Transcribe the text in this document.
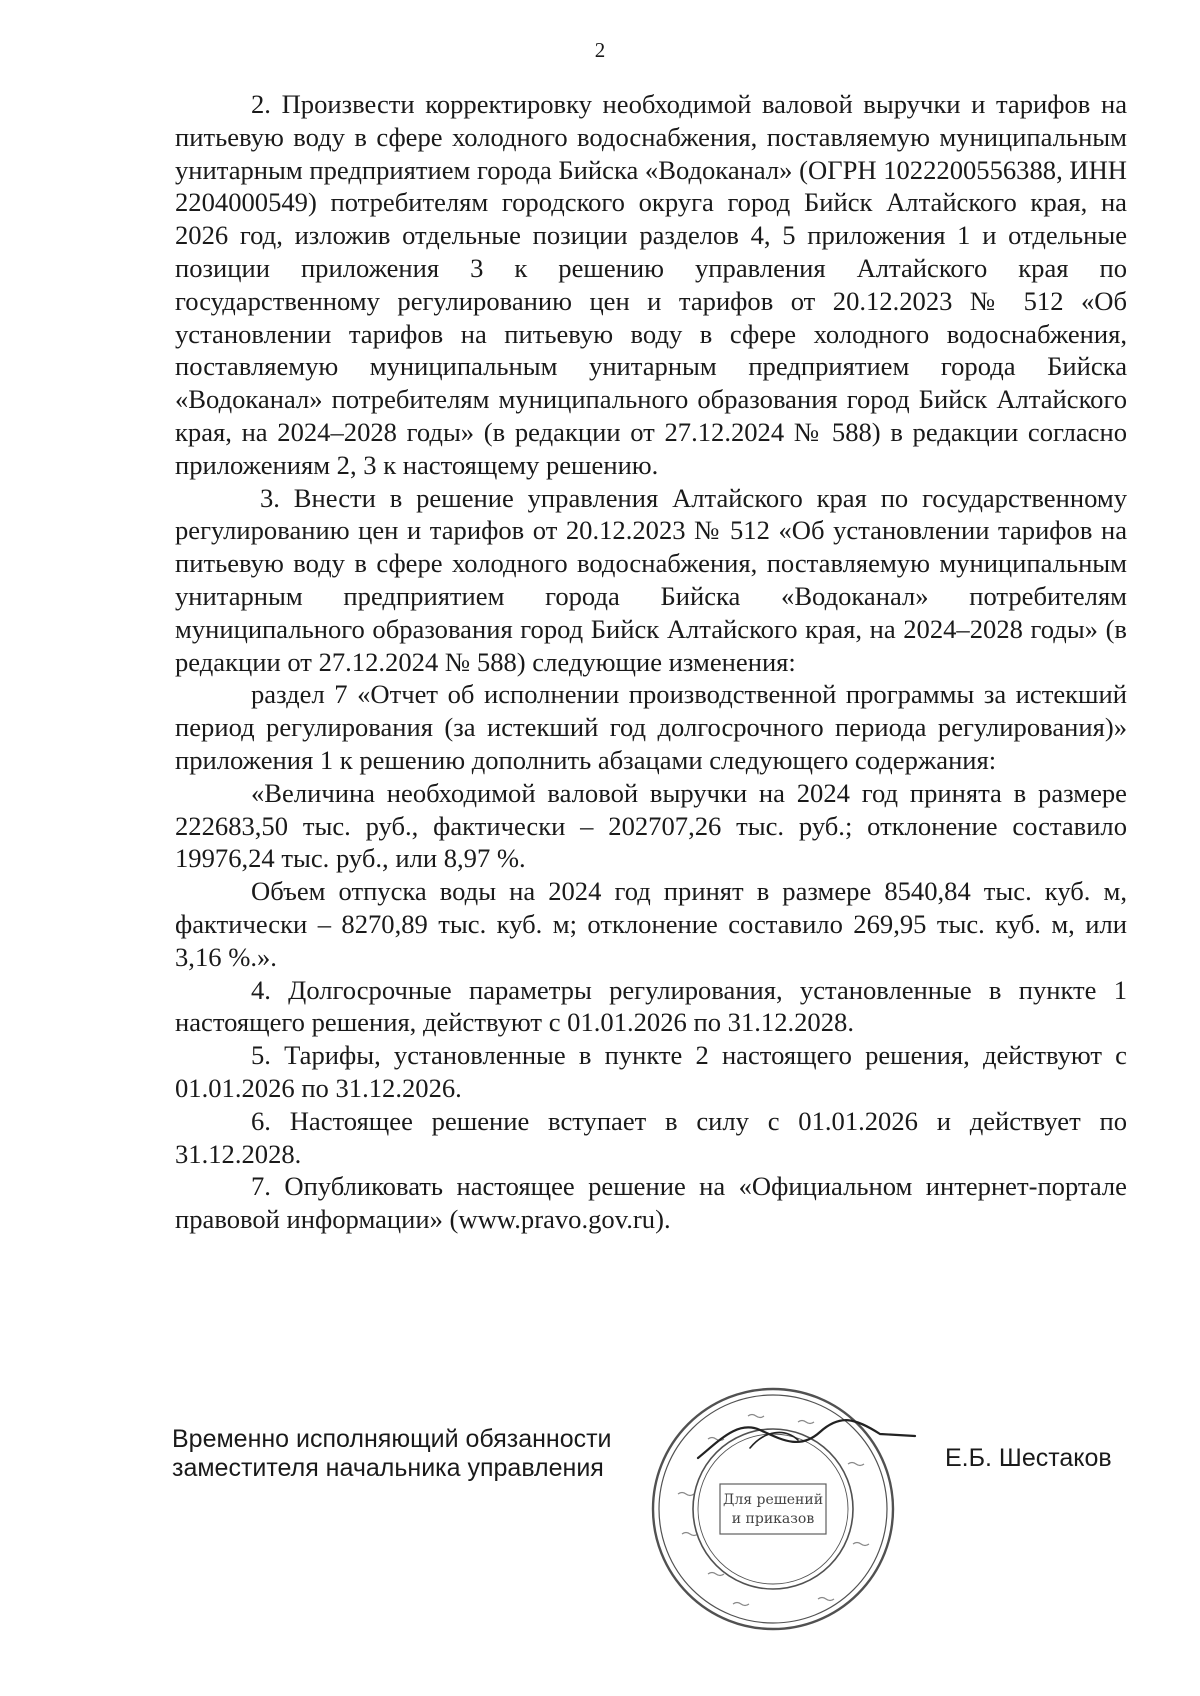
2

2. Произвести корректировку необходимой валовой выручки и тарифов на питьевую воду в сфере холодного водоснабжения, поставляемую муниципальным унитарным предприятием города Бийска «Водоканал» (ОГРН 1022200556388, ИНН 2204000549) потребителям городского округа город Бийск Алтайского края, на 2026 год, изложив отдельные позиции разделов 4, 5 приложения 1 и отдельные позиции приложения 3 к решению управления Алтайского края по государственному регулированию цен и тарифов от 20.12.2023 № 512 «Об установлении тарифов на питьевую воду в сфере холодного водоснабжения, поставляемую муниципальным унитарным предприятием города Бийска «Водоканал» потребителям муниципального образования город Бийск Алтайского края, на 2024–2028 годы» (в редакции от 27.12.2024 № 588) в редакции согласно приложениям 2, 3 к настоящему решению.

3. Внести в решение управления Алтайского края по государственному регулированию цен и тарифов от 20.12.2023 № 512 «Об установлении тарифов на питьевую воду в сфере холодного водоснабжения, поставляемую муниципальным унитарным предприятием города Бийска «Водоканал» потребителям муниципального образования город Бийск Алтайского края, на 2024–2028 годы» (в редакции от 27.12.2024 № 588) следующие изменения:

раздел 7 «Отчет об исполнении производственной программы за истекший период регулирования (за истекший год долгосрочного периода регулирования)» приложения 1 к решению дополнить абзацами следующего содержания:

«Величина необходимой валовой выручки на 2024 год принята в размере 222683,50 тыс. руб., фактически – 202707,26 тыс. руб.; отклонение составило 19976,24 тыс. руб., или 8,97 %.

Объем отпуска воды на 2024 год принят в размере 8540,84 тыс. куб. м, фактически – 8270,89 тыс. куб. м; отклонение составило 269,95 тыс. куб. м, или 3,16 %.».

4. Долгосрочные параметры регулирования, установленные в пункте 1 настоящего решения, действуют с 01.01.2026 по 31.12.2028.

5. Тарифы, установленные в пункте 2 настоящего решения, действуют с 01.01.2026 по 31.12.2026.

6. Настоящее решение вступает в силу с 01.01.2026 и действует по 31.12.2028.

7. Опубликовать настоящее решение на «Официальном интернет-портале правовой информации» (www.pravo.gov.ru).

Временно исполняющий обязанности
заместителя начальника управления
Для решений
и приказов
Е.Б. Шестаков
